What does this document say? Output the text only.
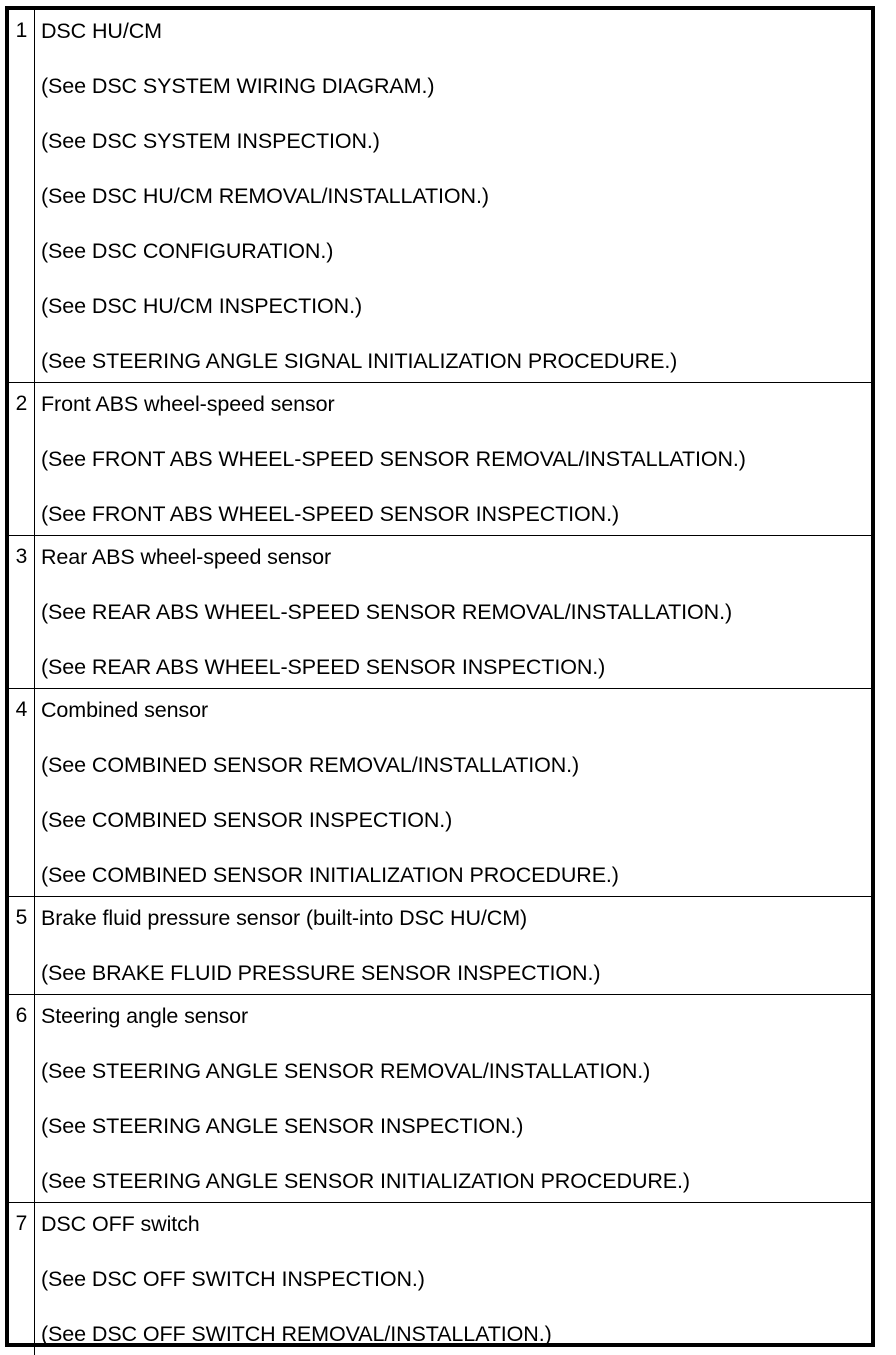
1 DSC HU/CM
(See DSC SYSTEM WIRING DIAGRAM.)
(See DSC SYSTEM INSPECTION.)
(See DSC HU/CM REMOVAL/INSTALLATION.)
(See DSC CONFIGURATION.)
(See DSC HU/CM INSPECTION.)
(See STEERING ANGLE SIGNAL INITIALIZATION PROCEDURE.)
2 Front ABS wheel-speed sensor
(See FRONT ABS WHEEL-SPEED SENSOR REMOVAL/INSTALLATION.)
(See FRONT ABS WHEEL-SPEED SENSOR INSPECTION.)
3 Rear ABS wheel-speed sensor
(See REAR ABS WHEEL-SPEED SENSOR REMOVAL/INSTALLATION.)
(See REAR ABS WHEEL-SPEED SENSOR INSPECTION.)
4 Combined sensor
(See COMBINED SENSOR REMOVAL/INSTALLATION.)
(See COMBINED SENSOR INSPECTION.)
(See COMBINED SENSOR INITIALIZATION PROCEDURE.)
5 Brake fluid pressure sensor (built-into DSC HU/CM)
(See BRAKE FLUID PRESSURE SENSOR INSPECTION.)
6 Steering angle sensor
(See STEERING ANGLE SENSOR REMOVAL/INSTALLATION.)
(See STEERING ANGLE SENSOR INSPECTION.)
(See STEERING ANGLE SENSOR INITIALIZATION PROCEDURE.)
7 DSC OFF switch
(See DSC OFF SWITCH INSPECTION.)
(See DSC OFF SWITCH REMOVAL/INSTALLATION.)
